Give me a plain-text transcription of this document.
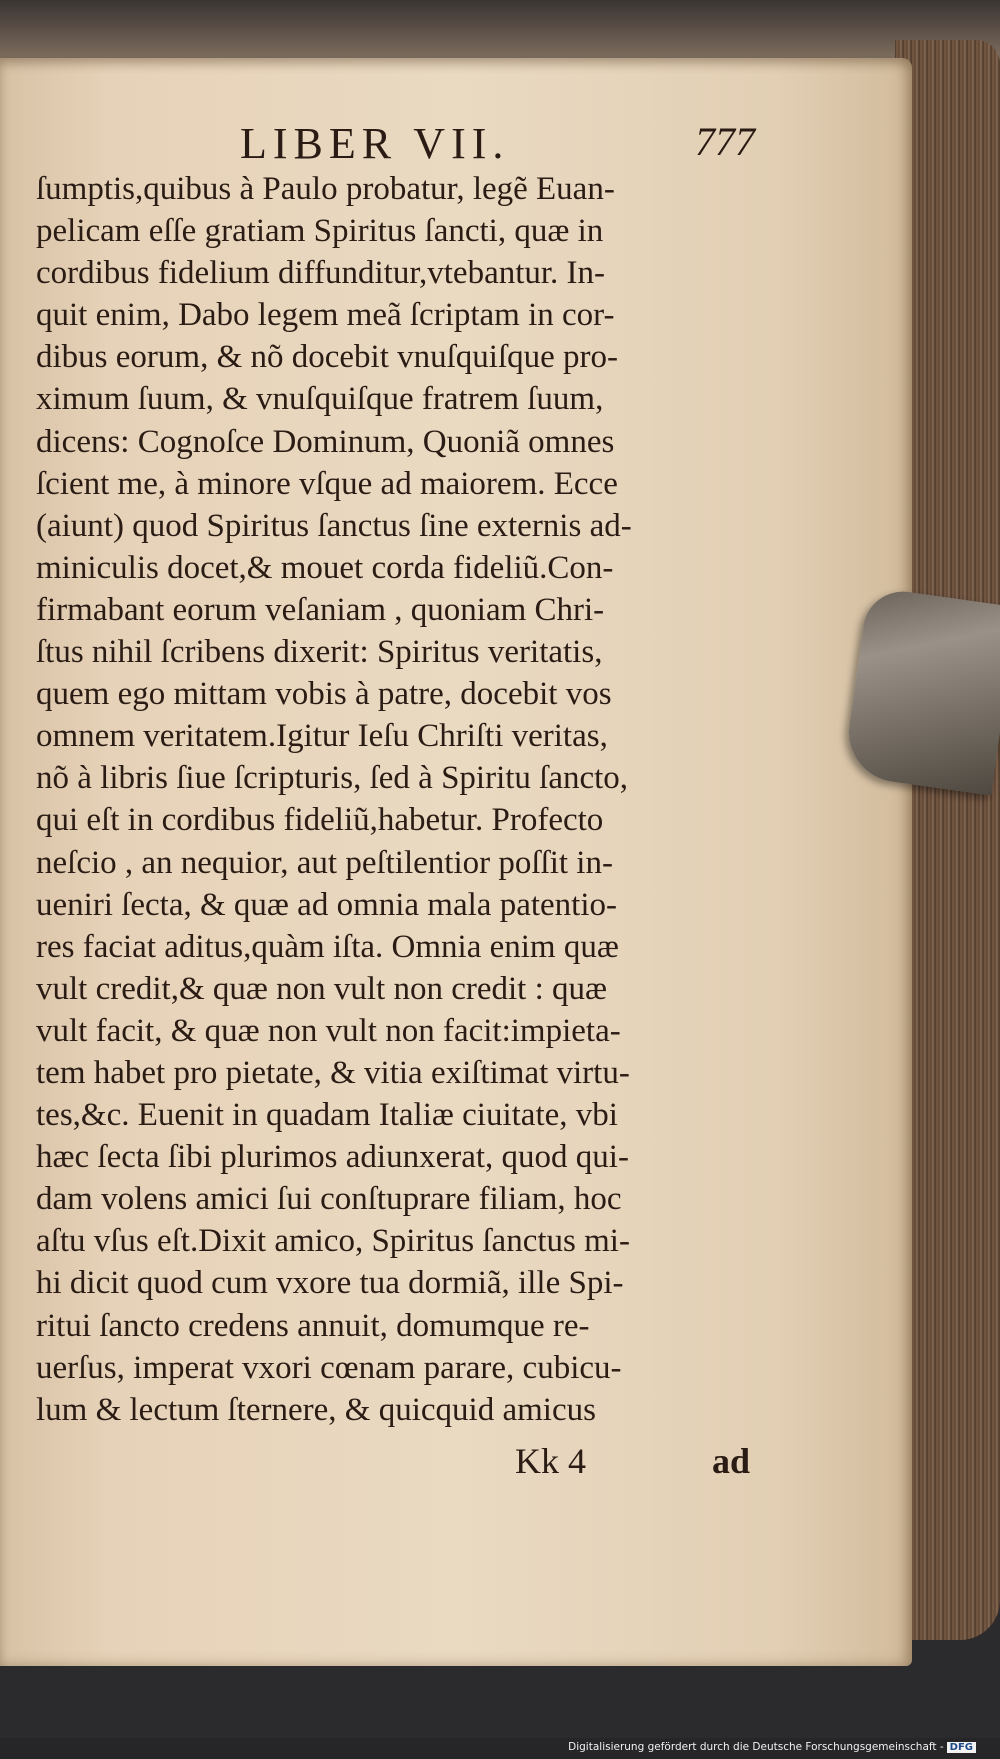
LIBER VII.	777
ſumptis,quibus à Paulo probatur, legẽ Euan-
pelicam eſſe gratiam Spiritus ſancti, quæ in
cordibus fidelium diffunditur,vtebantur. In-
quit enim, Dabo legem meã ſcriptam in cor-
dibus eorum, & nõ docebit vnuſquiſque pro-
ximum ſuum, & vnuſquiſque fratrem ſuum,
dicens: Cognoſce Dominum, Quoniã omnes
ſcient me, à minore vſque ad maiorem. Ecce
(aiunt) quod Spiritus ſanctus ſine externis ad-
miniculis docet,& mouet corda fideliũ.Con-
firmabant eorum veſaniam , quoniam Chri-
ſtus nihil ſcribens dixerit: Spiritus veritatis,
quem ego mittam vobis à patre, docebit vos
omnem veritatem.Igitur Ieſu Chriſti veritas,
nõ à libris ſiue ſcripturis, ſed à Spiritu ſancto,
qui eſt in cordibus fideliũ,habetur. Profecto
neſcio , an nequior, aut peſtilentior poſſit in-
ueniri ſecta, & quæ ad omnia mala patentio-
res faciat aditus,quàm iſta. Omnia enim quæ
vult credit,& quæ non vult non credit : quæ
vult facit, & quæ non vult non facit:impieta-
tem habet pro pietate, & vitia exiſtimat virtu-
tes,&c. Euenit in quadam Italiæ ciuitate, vbi
hæc ſecta ſibi plurimos adiunxerat, quod qui-
dam volens amici ſui conſtuprare filiam, hoc
aſtu vſus eſt.Dixit amico, Spiritus ſanctus mi-
hi dicit quod cum vxore tua dormiã, ille Spi-
ritui ſancto credens annuit, domumque re-
uerſus, imperat vxori cœnam parare, cubicu-
lum & lectum ſternere, & quicquid amicus
Kk 4	ad
Digitalisierung gefördert durch die Deutsche Forschungsgemeinschaft - DFG
